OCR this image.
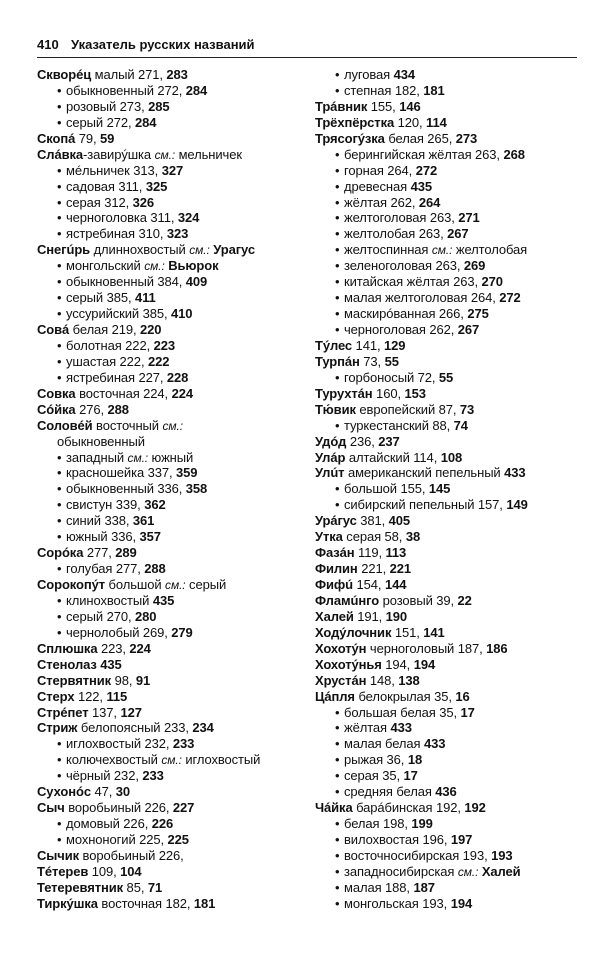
410 Указатель русских названий
Скворéц малый 271, 283
• обыкновенный 272, 284
• розовый 273, 285
• серый 272, 284
Скопá 79, 59
Слáвка-завирýшка см.: мельничек
• мéльничек 313, 327
• садовая 311, 325
• серая 312, 326
• черноголовка 311, 324
• ястребиная 310, 323
Снегúрь длиннохвостый см.: Урагус
• монгольский см.: Вьюрок
• обыкновенный 384, 409
• серый 385, 411
• уссурийский 385, 410
Совá белая 219, 220
• болотная 222, 223
• ушастая 222, 222
• ястребиная 227, 228
Совка восточная 224, 224
Сóйка 276, 288
Соловéй восточный см.:
обыкновенный
• западный см.: южный
• красношейка 337, 359
• обыкновенный 336, 358
• свистун 339, 362
• синий 338, 361
• южный 336, 357
Сорóка 277, 289
• голубая 277, 288
Сорокопýт большой см.: серый
• клинохвостый 435
• серый 270, 280
• чернолобый 269, 279
Сплюшка 223, 224
Стенолаз 435
Стервятник 98, 91
Стерх 122, 115
Стрéпет 137, 127
Стриж белопоясный 233, 234
• иглохвостый 232, 233
• колючехвостый см.: иглохвостый
• чёрный 232, 233
Сухонóс 47, 30
Сыч воробьиный 226, 227
• домовый 226, 226
• мохноногий 225, 225
Сычик воробьиный 226,
Тéтерев 109, 104
Тетеревятник 85, 71
Тиркýшка восточная 182, 181
• луговая 434
• степная 182, 181
Трáвник 155, 146
Трёхпёрстка 120, 114
Трясогýзка белая 265, 273
• берингийская жёлтая 263, 268
• горная 264, 272
• древесная 435
• жёлтая 262, 264
• желтоголовая 263, 271
• желтолобая 263, 267
• желтоспинная см.: желтолобая
• зеленоголовая 263, 269
• китайская жёлтая 263, 270
• малая желтоголовая 264, 272
• маскирóванная 266, 275
• черноголовая 262, 267
Тýлес 141, 129
Турпáн 73, 55
• горбоносый 72, 55
Турухтáн 160, 153
Тю́вик европейский 87, 73
• туркестанский 88, 74
Удóд 236, 237
Улáр алтайский 114, 108
Улúт американский пепельный 433
• большой 155, 145
• сибирский пепельный 157, 149
Урáгус 381, 405
Утка серая 58, 38
Фазáн 119, 113
Филин 221, 221
Фифú 154, 144
Фламúнго розовый 39, 22
Халей 191, 190
Ходýлочник 151, 141
Хохотýн черноголовый 187, 186
Хохотýнья 194, 194
Хрустáн 148, 138
Цáпля белокрылая 35, 16
• большая белая 35, 17
• жёлтая 433
• малая белая 433
• рыжая 36, 18
• серая 35, 17
• средняя белая 436
Чáйка барáбинская 192, 192
• белая 198, 199
• вилохвостая 196, 197
• восточносибирская 193, 193
• западносибирская см.: Халей
• малая 188, 187
• монгольская 193, 194
